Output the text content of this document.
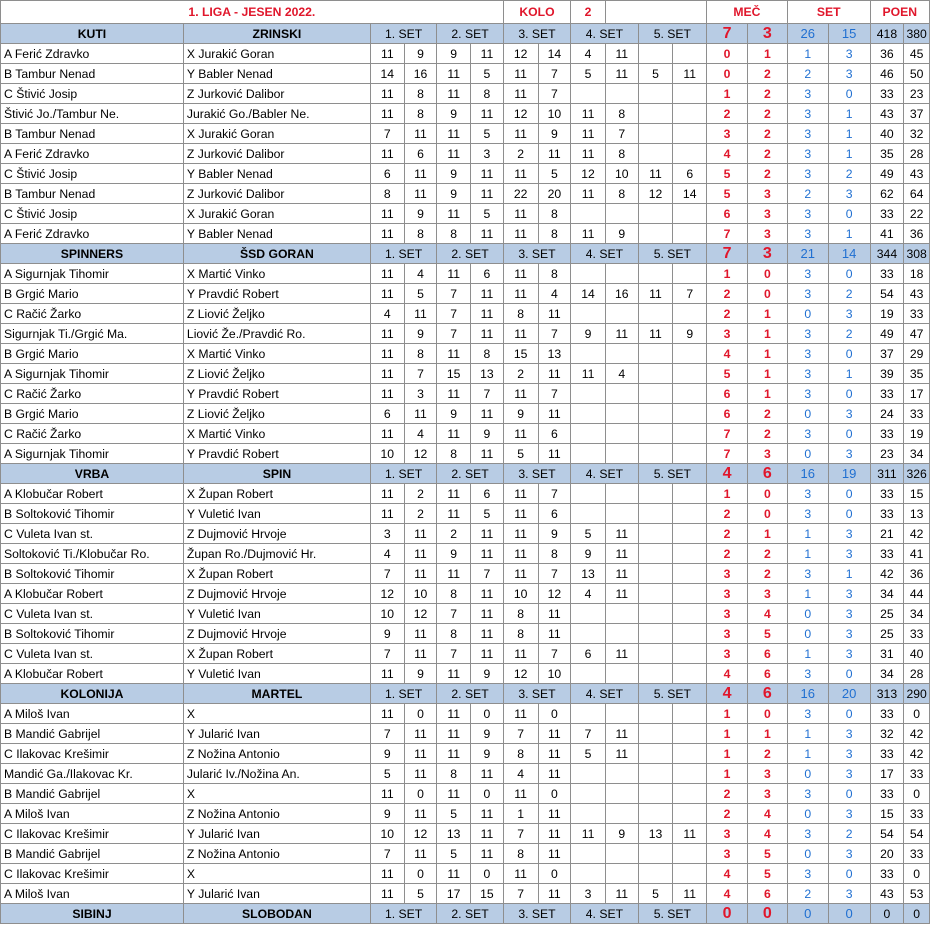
1. LIGA - JESEN 2022.						KOLO		2				MEČ		SET		POEN	
KUTI	ZRINSKI	1. SET		2. SET		3. SET		4. SET		5. SET		7	3	26	15	418	380
A Ferić Zdravko	X Jurakić Goran	11	9	9	11	12	14	4	11			0	1	1	3	36	45
B Tambur Nenad	Y Babler Nenad	14	16	11	5	11	7	5	11	5	11	0	2	2	3	46	50
C Štivić Josip	Z Jurković Dalibor	11	8	11	8	11	7					1	2	3	0	33	23
Štivić Jo./Tambur Ne.	Jurakić Go./Babler Ne.	11	8	9	11	12	10	11	8			2	2	3	1	43	37
B Tambur Nenad	X Jurakić Goran	7	11	11	5	11	9	11	7			3	2	3	1	40	32
A Ferić Zdravko	Z Jurković Dalibor	11	6	11	3	2	11	11	8			4	2	3	1	35	28
C Štivić Josip	Y Babler Nenad	6	11	9	11	11	5	12	10	11	6	5	2	3	2	49	43
B Tambur Nenad	Z Jurković Dalibor	8	11	9	11	22	20	11	8	12	14	5	3	2	3	62	64
C Štivić Josip	X Jurakić Goran	11	9	11	5	11	8					6	3	3	0	33	22
A Ferić Zdravko	Y Babler Nenad	11	8	8	11	11	8	11	9			7	3	3	1	41	36
SPINNERS	ŠSD GORAN	1. SET		2. SET		3. SET		4. SET		5. SET		7	3	21	14	344	308
A Sigurnjak Tihomir	X Martić Vinko	11	4	11	6	11	8					1	0	3	0	33	18
B Grgić Mario	Y Pravdić Robert	11	5	7	11	11	4	14	16	11	7	2	0	3	2	54	43
C Račić Žarko	Z Liović Željko	4	11	7	11	8	11					2	1	0	3	19	33
Sigurnjak Ti./Grgić Ma.	Liović Že./Pravdić Ro.	11	9	7	11	11	7	9	11	11	9	3	1	3	2	49	47
B Grgić Mario	X Martić Vinko	11	8	11	8	15	13					4	1	3	0	37	29
A Sigurnjak Tihomir	Z Liović Željko	11	7	15	13	2	11	11	4			5	1	3	1	39	35
C Račić Žarko	Y Pravdić Robert	11	3	11	7	11	7					6	1	3	0	33	17
B Grgić Mario	Z Liović Željko	6	11	9	11	9	11					6	2	0	3	24	33
C Račić Žarko	X Martić Vinko	11	4	11	9	11	6					7	2	3	0	33	19
A Sigurnjak Tihomir	Y Pravdić Robert	10	12	8	11	5	11					7	3	0	3	23	34
VRBA	SPIN	1. SET		2. SET		3. SET		4. SET		5. SET		4	6	16	19	311	326
A Klobučar Robert	X Župan Robert	11	2	11	6	11	7					1	0	3	0	33	15
B Soltoković Tihomir	Y Vuletić Ivan	11	2	11	5	11	6					2	0	3	0	33	13
C Vuleta Ivan st.	Z Dujmović Hrvoje	3	11	2	11	11	9	5	11			2	1	1	3	21	42
Soltoković Ti./Klobučar Ro.	Župan Ro./Dujmović Hr.	4	11	9	11	11	8	9	11			2	2	1	3	33	41
B Soltoković Tihomir	X Župan Robert	7	11	11	7	11	7	13	11			3	2	3	1	42	36
A Klobučar Robert	Z Dujmović Hrvoje	12	10	8	11	10	12	4	11			3	3	1	3	34	44
C Vuleta Ivan st.	Y Vuletić Ivan	10	12	7	11	8	11					3	4	0	3	25	34
B Soltoković Tihomir	Z Dujmović Hrvoje	9	11	8	11	8	11					3	5	0	3	25	33
C Vuleta Ivan st.	X Župan Robert	7	11	7	11	11	7	6	11			3	6	1	3	31	40
A Klobučar Robert	Y Vuletić Ivan	11	9	11	9	12	10					4	6	3	0	34	28
KOLONIJA	MARTEL	1. SET		2. SET		3. SET		4. SET		5. SET		4	6	16	20	313	290
A Miloš Ivan	X	11	0	11	0	11	0					1	0	3	0	33	0
B Mandić Gabrijel	Y Jularić Ivan	7	11	11	9	7	11	7	11			1	1	1	3	32	42
C Ilakovac Krešimir	Z Nožina Antonio	9	11	11	9	8	11	5	11			1	2	1	3	33	42
Mandić Ga./Ilakovac Kr.	Jularić Iv./Nožina An.	5	11	8	11	4	11					1	3	0	3	17	33
B Mandić Gabrijel	X	11	0	11	0	11	0					2	3	3	0	33	0
A Miloš Ivan	Z Nožina Antonio	9	11	5	11	1	11					2	4	0	3	15	33
C Ilakovac Krešimir	Y Jularić Ivan	10	12	13	11	7	11	11	9	13	11	3	4	3	2	54	54
B Mandić Gabrijel	Z Nožina Antonio	7	11	5	11	8	11					3	5	0	3	20	33
C Ilakovac Krešimir	X	11	0	11	0	11	0					4	5	3	0	33	0
A Miloš Ivan	Y Jularić Ivan	11	5	17	15	7	11	3	11	5	11	4	6	2	3	43	53
SIBINJ	SLOBODAN	1. SET		2. SET		3. SET		4. SET		5. SET		0	0	0	0	0	0
